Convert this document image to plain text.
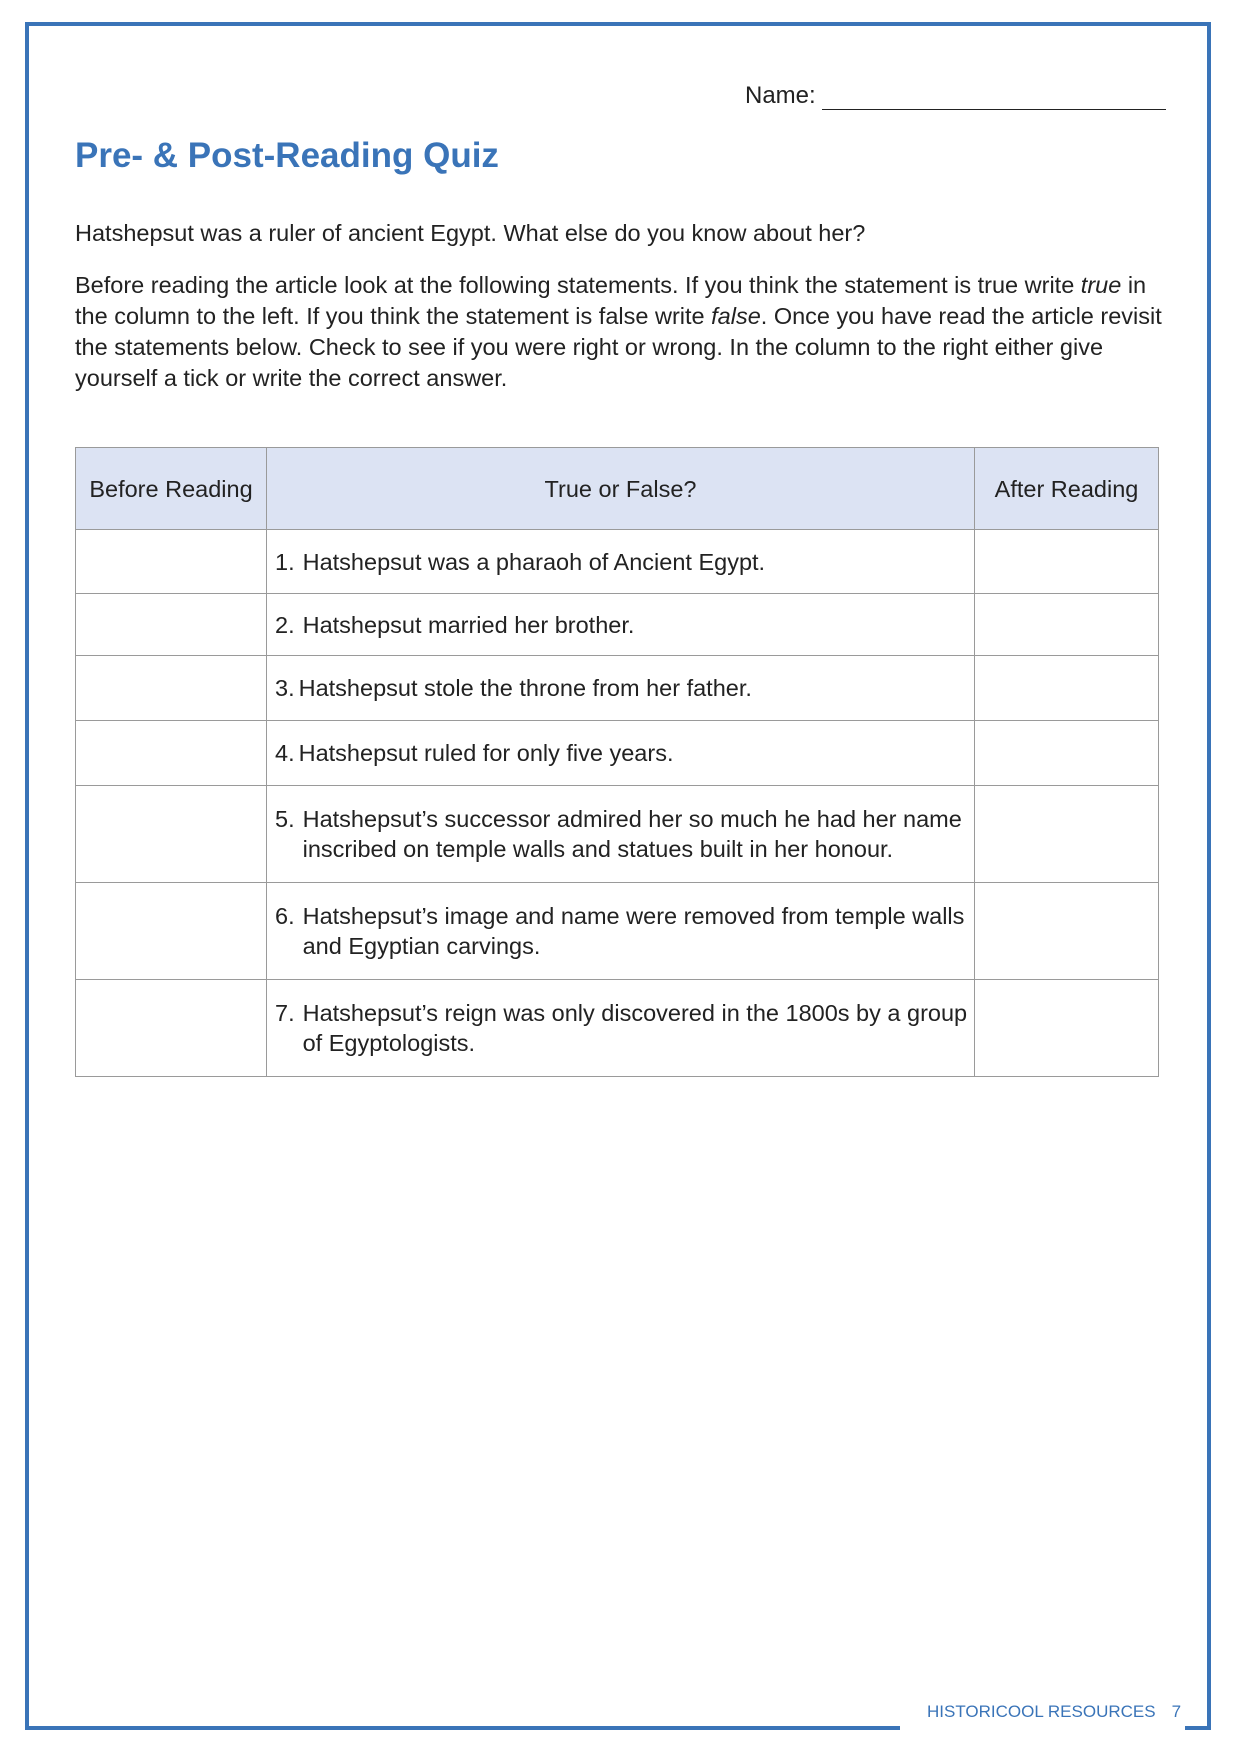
Name:
Pre- & Post-Reading Quiz

Hatshepsut was a ruler of ancient Egypt. What else do you know about her?

Before reading the article look at the following statements. If you think the statement is true write true in the column to the left. If you think the statement is false write false. Once you have read the article revisit the statements below. Check to see if you were right or wrong. In the column to the right either give yourself a tick or write the correct answer.

Before Reading	True or False?	After Reading

	1. Hatshepsut was a pharaoh of Ancient Egypt.	

	2. Hatshepsut married her brother.	

	3. Hatshepsut stole the throne from her father.	

	4. Hatshepsut ruled for only five years.	

	5. Hatshepsut’s successor admired her so much he had her name inscribed on temple walls and statues built in her honour.	

	6. Hatshepsut’s image and name were removed from temple walls and Egyptian carvings.	

	7. Hatshepsut’s reign was only discovered in the 1800s by a group of Egyptologists.	

HISTORICOOL RESOURCES 7
